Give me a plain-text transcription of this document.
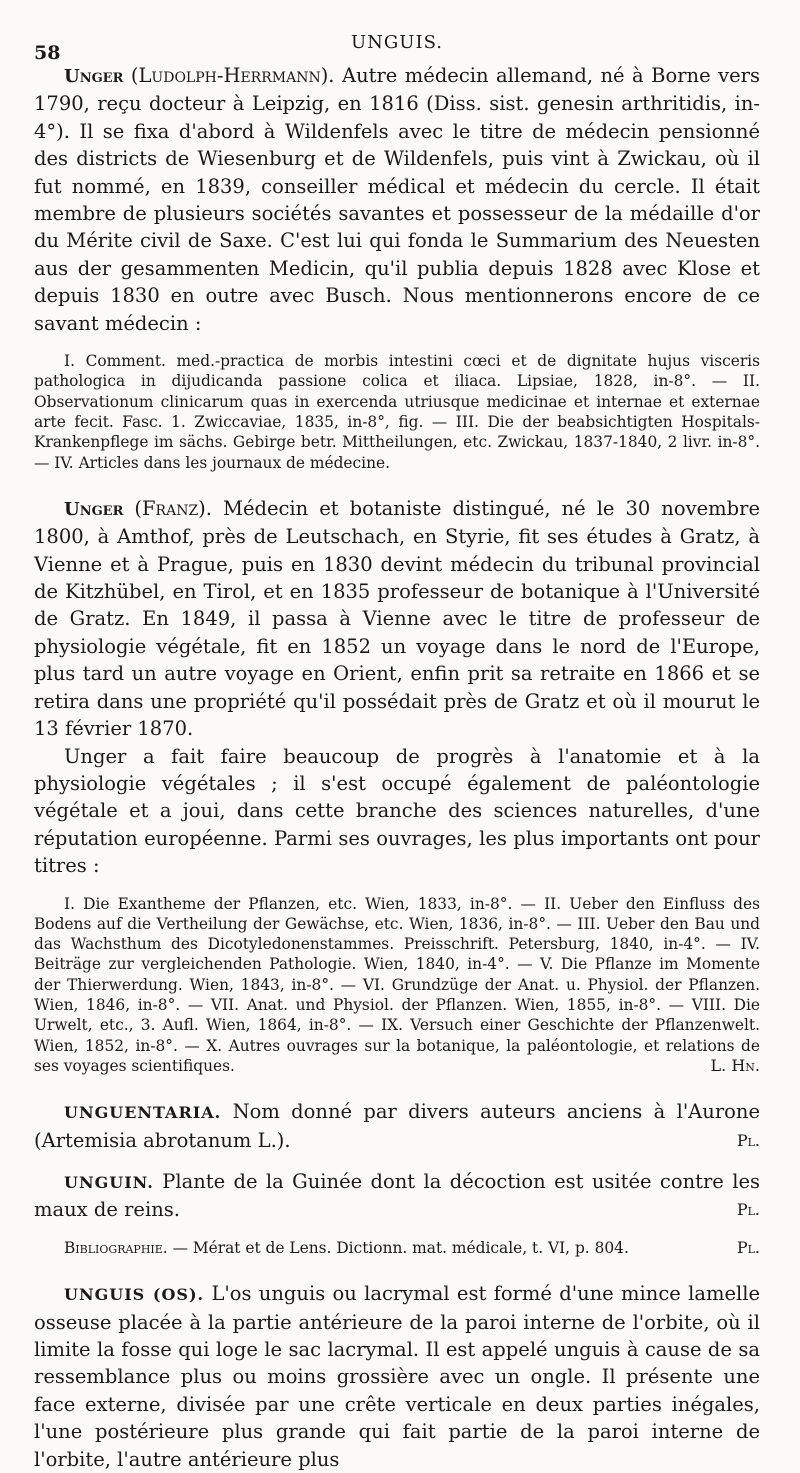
58	UNGUIS.

Unger (Ludolph-Herrmann). Autre médecin allemand, né à Borne vers 1790, reçu docteur à Leipzig, en 1816 (Diss. sist. genesin arthritidis, in-4°). Il se fixa d'abord à Wildenfels avec le titre de médecin pensionné des districts de Wiesenburg et de Wildenfels, puis vint à Zwickau, où il fut nommé, en 1839, conseiller médical et médecin du cercle. Il était membre de plusieurs sociétés savantes et possesseur de la médaille d'or du Mérite civil de Saxe. C'est lui qui fonda le Summarium des Neuesten aus der gesammenten Medicin, qu'il publia depuis 1828 avec Klose et depuis 1830 en outre avec Busch. Nous mentionnerons encore de ce savant médecin :

I. Comment. med.-practica de morbis intestini cœci et de dignitate hujus visceris pathologica in dijudicanda passione colica et iliaca. Lipsiae, 1828, in-8°. — II. Observationum clinicarum quas in exercenda utriusque medicinae et internae et externae arte fecit. Fasc. 1. Zwiccaviae, 1835, in-8°, fig. — III. Die der beabsichtigten Hospitals-Krankenpflege im sächs. Gebirge betr. Mittheilungen, etc. Zwickau, 1837-1840, 2 livr. in-8°. — IV. Articles dans les journaux de médecine.

Unger (Franz). Médecin et botaniste distingué, né le 30 novembre 1800, à Amthof, près de Leutschach, en Styrie, fit ses études à Gratz, à Vienne et à Prague, puis en 1830 devint médecin du tribunal provincial de Kitzhübel, en Tirol, et en 1835 professeur de botanique à l'Université de Gratz. En 1849, il passa à Vienne avec le titre de professeur de physiologie végétale, fit en 1852 un voyage dans le nord de l'Europe, plus tard un autre voyage en Orient, enfin prit sa retraite en 1866 et se retira dans une propriété qu'il possédait près de Gratz et où il mourut le 13 février 1870.

Unger a fait faire beaucoup de progrès à l'anatomie et à la physiologie végétales ; il s'est occupé également de paléontologie végétale et a joui, dans cette branche des sciences naturelles, d'une réputation européenne. Parmi ses ouvrages, les plus importants ont pour titres :

I. Die Exantheme der Pflanzen, etc. Wien, 1833, in-8°. — II. Ueber den Einfluss des Bodens auf die Vertheilung der Gewächse, etc. Wien, 1836, in-8°. — III. Ueber den Bau und das Wachsthum des Dicotyledonenstammes. Preisschrift. Petersburg, 1840, in-4°. — IV. Beiträge zur vergleichenden Pathologie. Wien, 1840, in-4°. — V. Die Pflanze im Momente der Thierwerdung. Wien, 1843, in-8°. — VI. Grundzüge der Anat. u. Physiol. der Pflanzen. Wien, 1846, in-8°. — VII. Anat. und Physiol. der Pflanzen. Wien, 1855, in-8°. — VIII. Die Urwelt, etc., 3. Aufl. Wien, 1864, in-8°. — IX. Versuch einer Geschichte der Pflanzenwelt. Wien, 1852, in-8°. — X. Autres ouvrages sur la botanique, la paléontologie, et relations de ses voyages scientifiques.	L. Hn.

UNGUENTARIA. Nom donné par divers auteurs anciens à l'Aurone (Artemisia abrotanum L.).	Pl.

UNGUIN. Plante de la Guinée dont la décoction est usitée contre les maux de reins.	Pl.

Bibliographie. — Mérat et de Lens. Dictionn. mat. médicale, t. VI, p. 804.	Pl.

UNGUIS (OS). L'os unguis ou lacrymal est formé d'une mince lamelle osseuse placée à la partie antérieure de la paroi interne de l'orbite, où il limite la fosse qui loge le sac lacrymal. Il est appelé unguis à cause de sa ressemblance plus ou moins grossière avec un ongle. Il présente une face externe, divisée par une crête verticale en deux parties inégales, l'une postérieure plus grande qui fait partie de la paroi interne de l'orbite, l'autre antérieure plus
